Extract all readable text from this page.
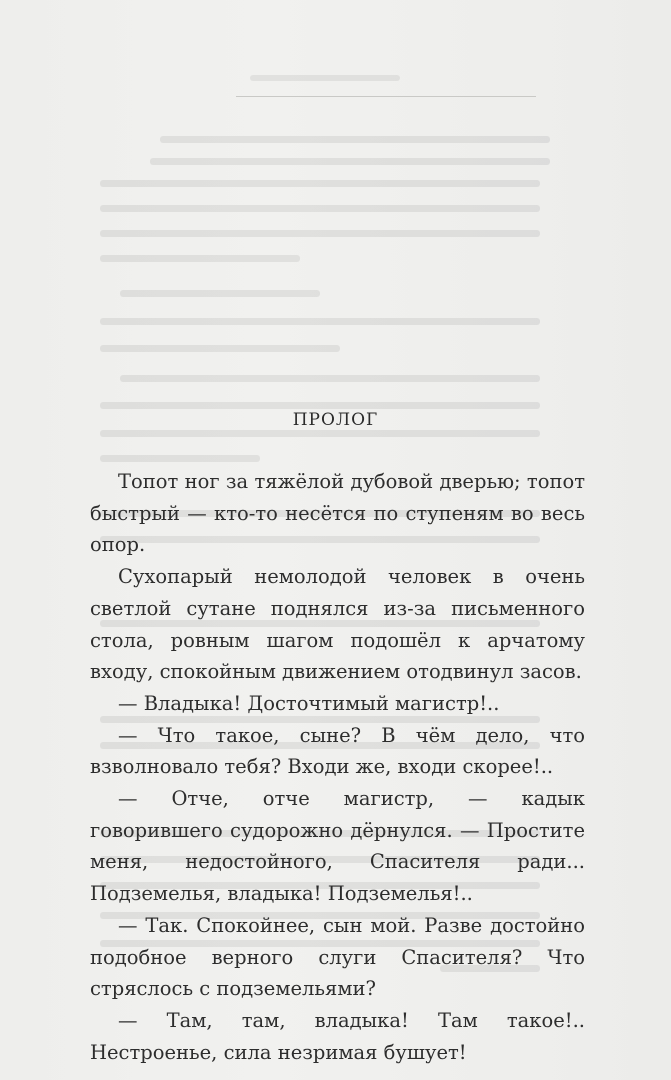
ПРОЛОГ

Топот ног за тяжёлой дубовой дверью; топот быстрый — кто-то несётся по ступеням во весь опор.

Сухопарый немолодой человек в очень светлой сутане поднялся из-за письменного стола, ровным шагом подошёл к арчатому входу, спокойным движением отодвинул засов.

— Владыка! Досточтимый магистр!..

— Что такое, сыне? В чём дело, что взволновало тебя? Входи же, входи скорее!..

— Отче, отче магистр, — кадык говорившего судорожно дёрнулся. — Простите меня, недостойного, Спасителя ради... Подземелья, владыка! Подземелья!..

— Так. Спокойнее, сын мой. Разве достойно подобное верного слуги Спасителя? Что стряслось с подземельями?

— Там, там, владыка! Там такое!.. Нестроенье, сила незримая бушует!
